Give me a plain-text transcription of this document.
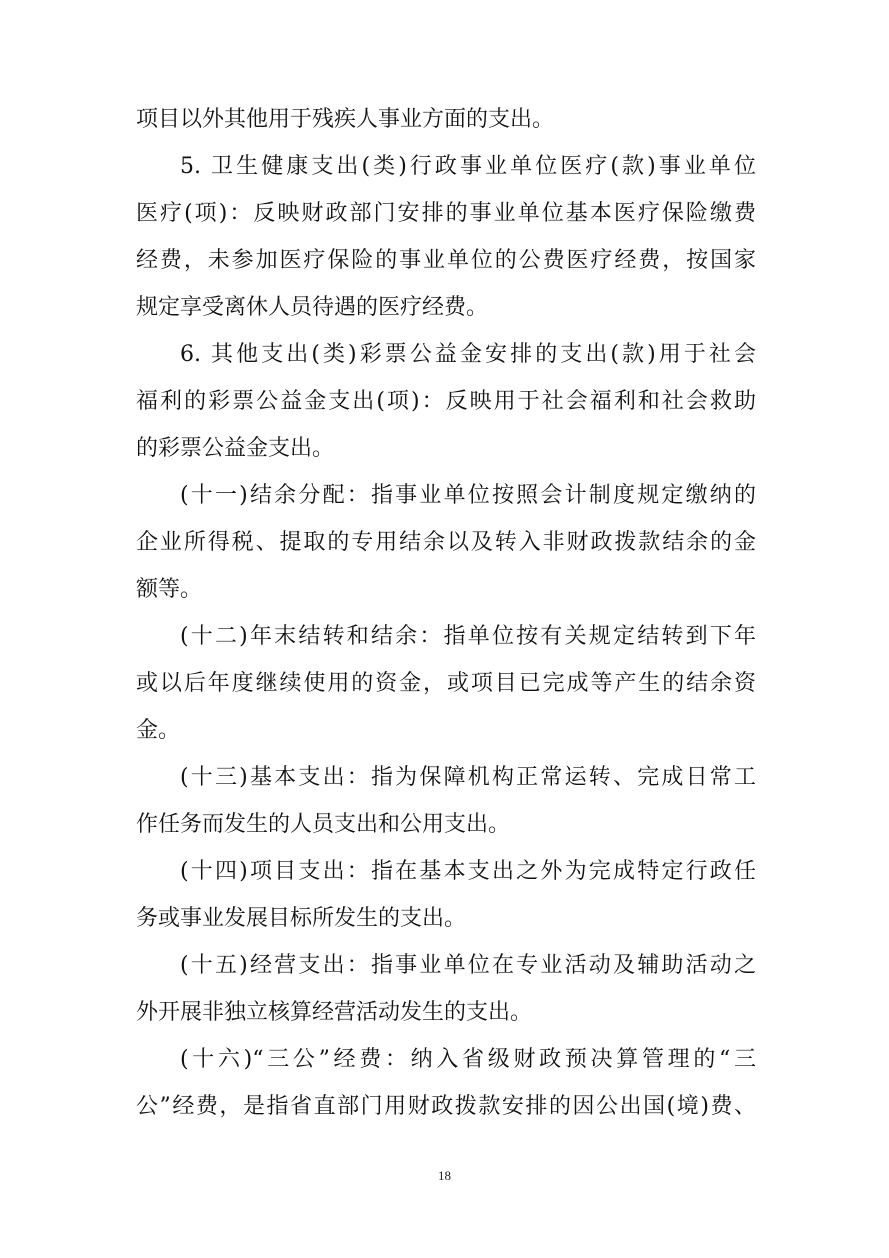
项目以外其他用于残疾人事业方面的支出。
5. 卫生健康支出(类)行政事业单位医疗(款)事业单位
医疗(项)：反映财政部门安排的事业单位基本医疗保险缴费
经费，未参加医疗保险的事业单位的公费医疗经费，按国家
规定享受离休人员待遇的医疗经费。
6. 其他支出(类)彩票公益金安排的支出(款)用于社会
福利的彩票公益金支出(项)：反映用于社会福利和社会救助
的彩票公益金支出。
(十一)结余分配：指事业单位按照会计制度规定缴纳的
企业所得税、提取的专用结余以及转入非财政拨款结余的金
额等。
(十二)年末结转和结余：指单位按有关规定结转到下年
或以后年度继续使用的资金，或项目已完成等产生的结余资
金。
(十三)基本支出：指为保障机构正常运转、完成日常工
作任务而发生的人员支出和公用支出。
(十四)项目支出：指在基本支出之外为完成特定行政任
务或事业发展目标所发生的支出。
(十五)经营支出：指事业单位在专业活动及辅助活动之
外开展非独立核算经营活动发生的支出。
(十六)“三公”经费：纳入省级财政预决算管理的“三
公”经费，是指省直部门用财政拨款安排的因公出国(境)费、
18
